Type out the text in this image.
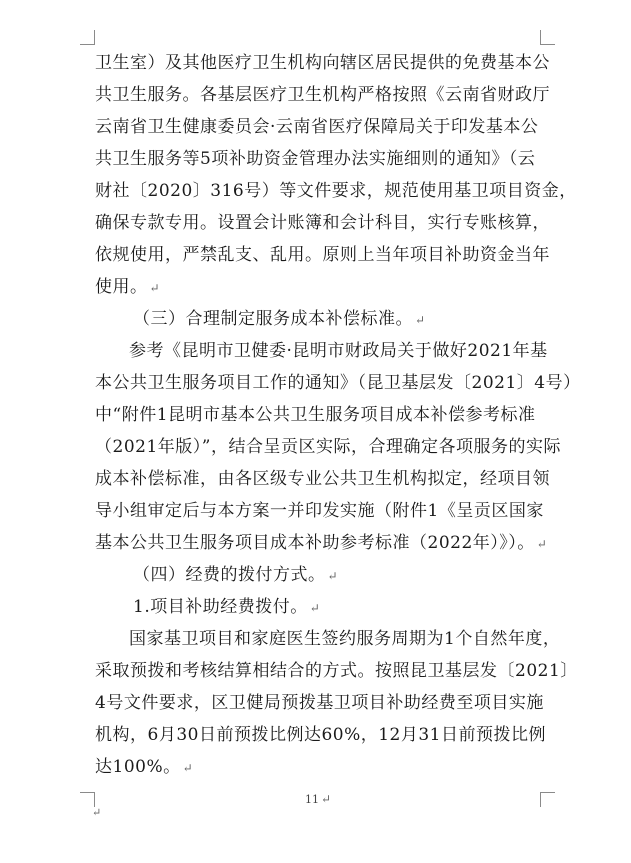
卫生室）及其他医疗卫生机构向辖区居民提供的免费基本公
共卫生服务。各基层医疗卫生机构严格按照《云南省财政厅
云南省卫生健康委员会·云南省医疗保障局关于印发基本公
共卫生服务等5项补助资金管理办法实施细则的通知》（云
财社〔2020〕316号）等文件要求，规范使用基卫项目资金，
确保专款专用。设置会计账簿和会计科目，实行专账核算，
依规使用，严禁乱支、乱用。原则上当年项目补助资金当年
使用。 ↵
（三）合理制定服务成本补偿标准。 ↵
参考《昆明市卫健委·昆明市财政局关于做好2021年基
本公共卫生服务项目工作的通知》（昆卫基层发〔2021〕4号）
中“附件1昆明市基本公共卫生服务项目成本补偿参考标准
（2021年版）”，结合呈贡区实际，合理确定各项服务的实际
成本补偿标准，由各区级专业公共卫生机构拟定，经项目领
导小组审定后与本方案一并印发实施（附件1《呈贡区国家
基本公共卫生服务项目成本补助参考标准（2022年）》）。 ↵
（四）经费的拨付方式。 ↵
1.项目补助经费拨付。 ↵
国家基卫项目和家庭医生签约服务周期为1个自然年度，
采取预拨和考核结算相结合的方式。按照昆卫基层发〔2021〕
4号文件要求，区卫健局预拨基卫项目补助经费至项目实施
机构，6月30日前预拨比例达60%，12月31日前预拨比例
达100%。 ↵
11 ↵
↵
